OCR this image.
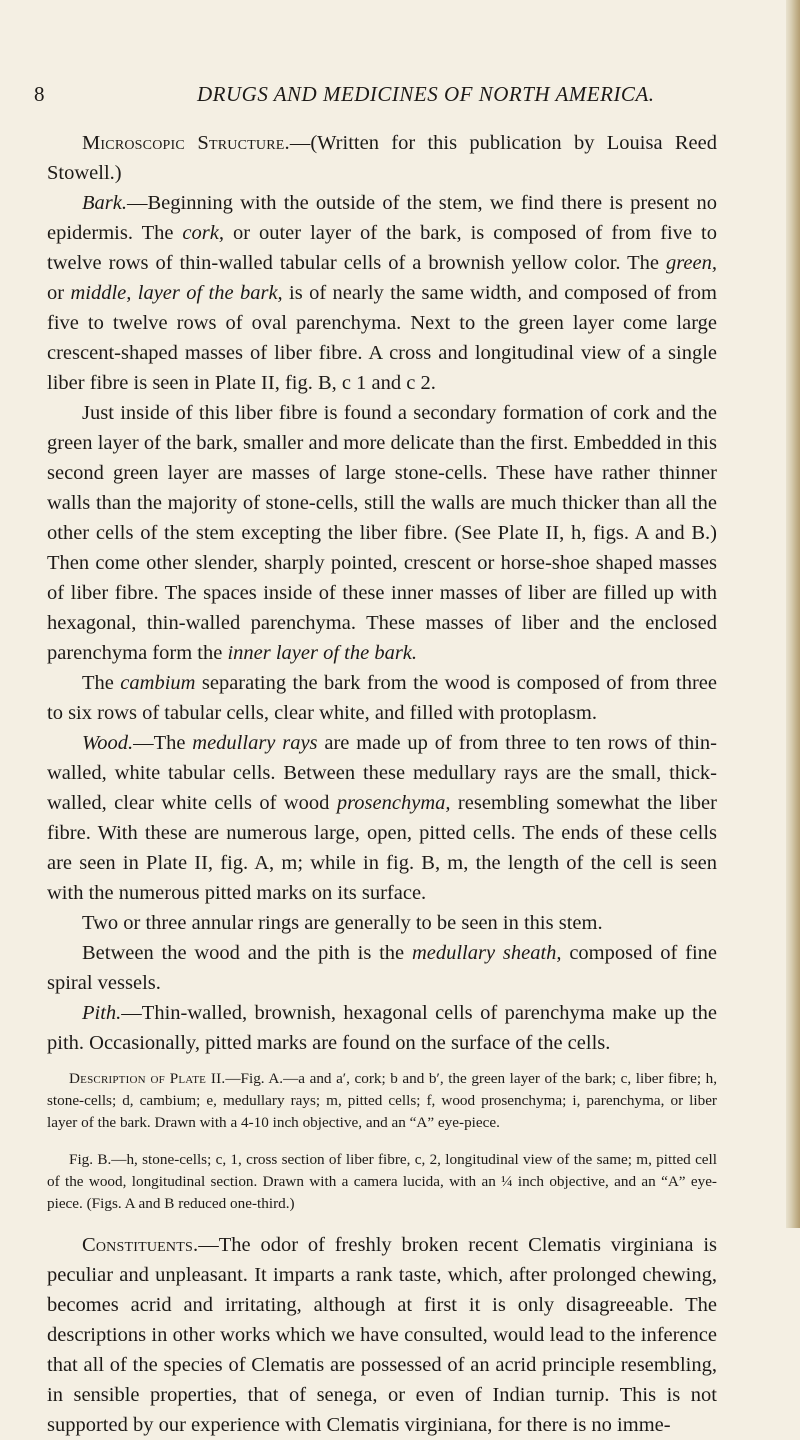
8	DRUGS AND MEDICINES OF NORTH AMERICA.

Microscopic Structure.—(Written for this publication by Louisa Reed Stowell.)

Bark.—Beginning with the outside of the stem, we find there is present no epidermis. The cork, or outer layer of the bark, is composed of from five to twelve rows of thin-walled tabular cells of a brownish yellow color. The green, or middle, layer of the bark, is of nearly the same width, and composed of from five to twelve rows of oval parenchyma. Next to the green layer come large crescent-shaped masses of liber fibre. A cross and longitudinal view of a single liber fibre is seen in Plate II, fig. B, c 1 and c 2.

Just inside of this liber fibre is found a secondary formation of cork and the green layer of the bark, smaller and more delicate than the first. Embedded in this second green layer are masses of large stone-cells. These have rather thinner walls than the majority of stone-cells, still the walls are much thicker than all the other cells of the stem excepting the liber fibre. (See Plate II, h, figs. A and B.) Then come other slender, sharply pointed, crescent or horse-shoe shaped masses of liber fibre. The spaces inside of these inner masses of liber are filled up with hexagonal, thin-walled parenchyma. These masses of liber and the enclosed parenchyma form the inner layer of the bark.

The cambium separating the bark from the wood is composed of from three to six rows of tabular cells, clear white, and filled with protoplasm.

Wood.—The medullary rays are made up of from three to ten rows of thin-walled, white tabular cells. Between these medullary rays are the small, thick-walled, clear white cells of wood prosenchyma, resembling somewhat the liber fibre. With these are numerous large, open, pitted cells. The ends of these cells are seen in Plate II, fig. A, m; while in fig. B, m, the length of the cell is seen with the numerous pitted marks on its surface.

Two or three annular rings are generally to be seen in this stem.

Between the wood and the pith is the medullary sheath, composed of fine spiral vessels.

Pith.—Thin-walled, brownish, hexagonal cells of parenchyma make up the pith. Occasionally, pitted marks are found on the surface of the cells.

Description of Plate II.—Fig. A.—a and a′, cork; b and b′, the green layer of the bark; c, liber fibre; h, stone-cells; d, cambium; e, medullary rays; m, pitted cells; f, wood prosenchyma; i, parenchyma, or liber layer of the bark. Drawn with a 4-10 inch objective, and an “A” eye-piece.

Fig. B.—h, stone-cells; c, 1, cross section of liber fibre, c, 2, longitudinal view of the same; m, pitted cell of the wood, longitudinal section. Drawn with a camera lucida, with an ¼ inch objective, and an “A” eye-piece. (Figs. A and B reduced one-third.)

Constituents.—The odor of freshly broken recent Clematis virginiana is peculiar and unpleasant. It imparts a rank taste, which, after prolonged chewing, becomes acrid and irritating, although at first it is only disagreeable. The descriptions in other works which we have consulted, would lead to the inference that all of the species of Clematis are possessed of an acrid principle resembling, in sensible properties, that of senega, or even of Indian turnip. This is not supported by our experience with Clematis virginiana, for there is no imme-
